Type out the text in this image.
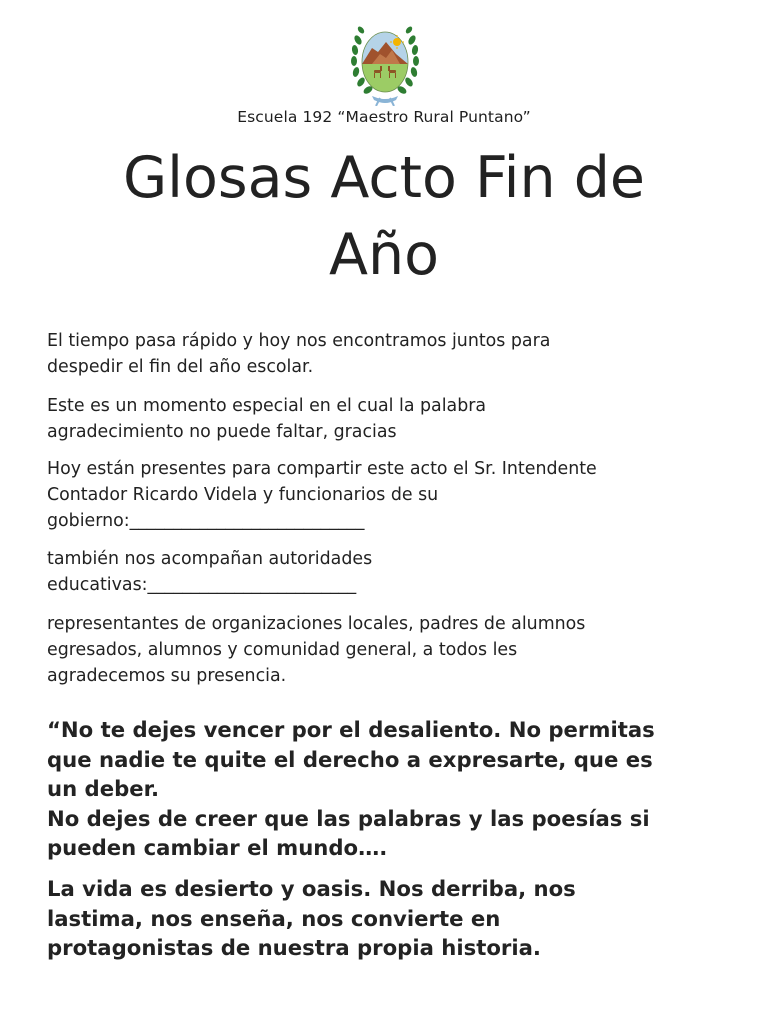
Escuela 192 “Maestro Rural Puntano”
Glosas Acto Fin de
Año

El tiempo pasa rápido y hoy nos encontramos juntos para
despedir el fin del año escolar.

Este es un momento especial en el cual la palabra
agradecimiento no puede faltar, gracias

Hoy están presentes para compartir este acto el Sr. Intendente
Contador Ricardo Videla y funcionarios de su
gobierno:___________________________

también nos acompañan autoridades
educativas:________________________

representantes de organizaciones locales, padres de alumnos
egresados, alumnos y comunidad general, a todos les
agradecemos su presencia.

“No te dejes vencer por el desaliento. No permitas
que nadie te quite el derecho a expresarte, que es
un deber.
No dejes de creer que las palabras y las poesías si
pueden cambiar el mundo….

La vida es desierto y oasis. Nos derriba, nos
lastima, nos enseña, nos convierte en
protagonistas de nuestra propia historia.
